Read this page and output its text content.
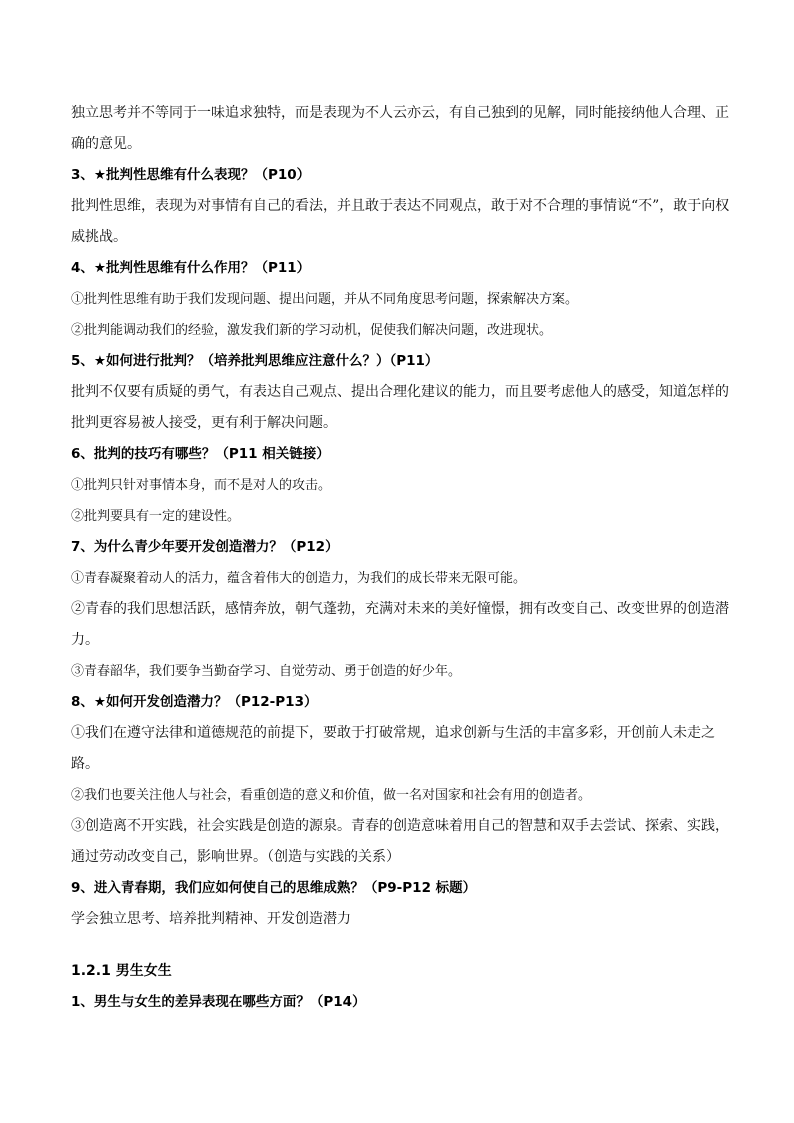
独立思考并不等同于一味追求独特，而是表现为不人云亦云，有自己独到的见解，同时能接纳他人合理、正确的意见。

3、★批判性思维有什么表现？（P10）

批判性思维，表现为对事情有自己的看法，并且敢于表达不同观点，敢于对不合理的事情说“不”，敢于向权威挑战。

4、★批判性思维有什么作用？（P11）

①批判性思维有助于我们发现问题、提出问题，并从不同角度思考问题，探索解决方案。

②批判能调动我们的经验，激发我们新的学习动机，促使我们解决问题，改进现状。

5、★如何进行批判？（培养批判思维应注意什么？）（P11）

批判不仅要有质疑的勇气，有表达自己观点、提出合理化建议的能力，而且要考虑他人的感受，知道怎样的批判更容易被人接受，更有利于解决问题。

6、批判的技巧有哪些？（P11 相关链接）

①批判只针对事情本身，而不是对人的攻击。

②批判要具有一定的建设性。

7、为什么青少年要开发创造潜力？（P12）

①青春凝聚着动人的活力，蕴含着伟大的创造力，为我们的成长带来无限可能。

②青春的我们思想活跃，感情奔放，朝气蓬勃，充满对未来的美好憧憬，拥有改变自己、改变世界的创造潜力。

③青春韶华，我们要争当勤奋学习、自觉劳动、勇于创造的好少年。

8、★如何开发创造潜力？（P12-P13）

①我们在遵守法律和道德规范的前提下，要敢于打破常规，追求创新与生活的丰富多彩，开创前人未走之路。

②我们也要关注他人与社会，看重创造的意义和价值，做一名对国家和社会有用的创造者。

③创造离不开实践，社会实践是创造的源泉。青春的创造意味着用自己的智慧和双手去尝试、探索、实践，通过劳动改变自己，影响世界。（创造与实践的关系）

9、进入青春期，我们应如何使自己的思维成熟？（P9-P12 标题）

学会独立思考、培养批判精神、开发创造潜力

1.2.1 男生女生

1、男生与女生的差异表现在哪些方面？（P14）
